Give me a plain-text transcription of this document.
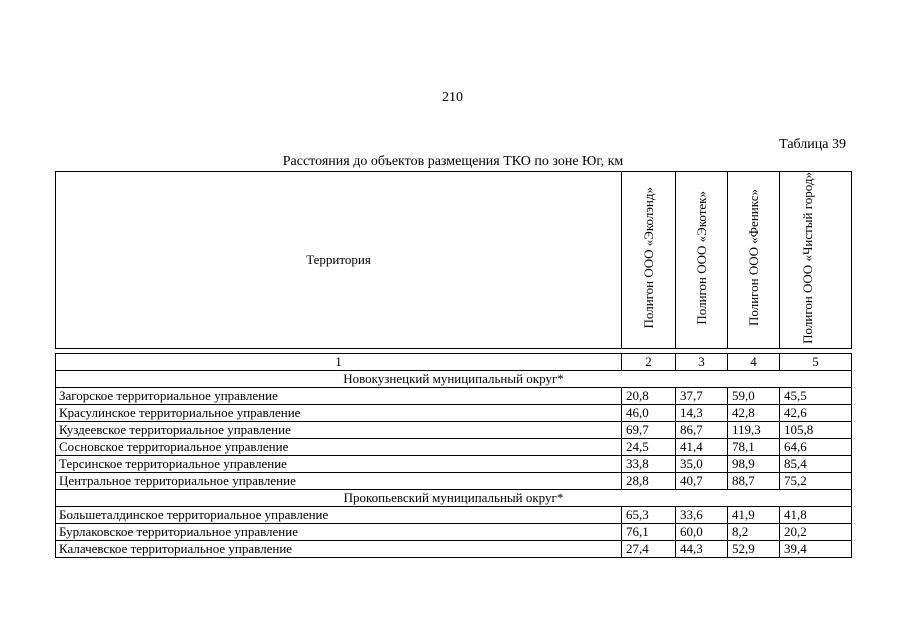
210
Таблица 39
Расстояния до объектов размещения ТКО по зоне Юг, км
Территория	Полигон ООО «Эколэнд»	Полигон ООО «Экотек»	Полигон ООО «Феникс»	Полигон ООО «Чистый город»
1	2	3	4	5
Новокузнецкий муниципальный округ*				
Загорское территориальное управление	20,8	37,7	59,0	45,5
Красулинское территориальное управление	46,0	14,3	42,8	42,6
Куздеевское территориальное управление	69,7	86,7	119,3	105,8
Сосновское территориальное управление	24,5	41,4	78,1	64,6
Терсинское территориальное управление	33,8	35,0	98,9	85,4
Центральное территориальное управление	28,8	40,7	88,7	75,2
Прокопьевский муниципальный округ*				
Большеталдинское территориальное управление	65,3	33,6	41,9	41,8
Бурлаковское территориальное управление	76,1	60,0	8,2	20,2
Калачевское территориальное управление	27,4	44,3	52,9	39,4
